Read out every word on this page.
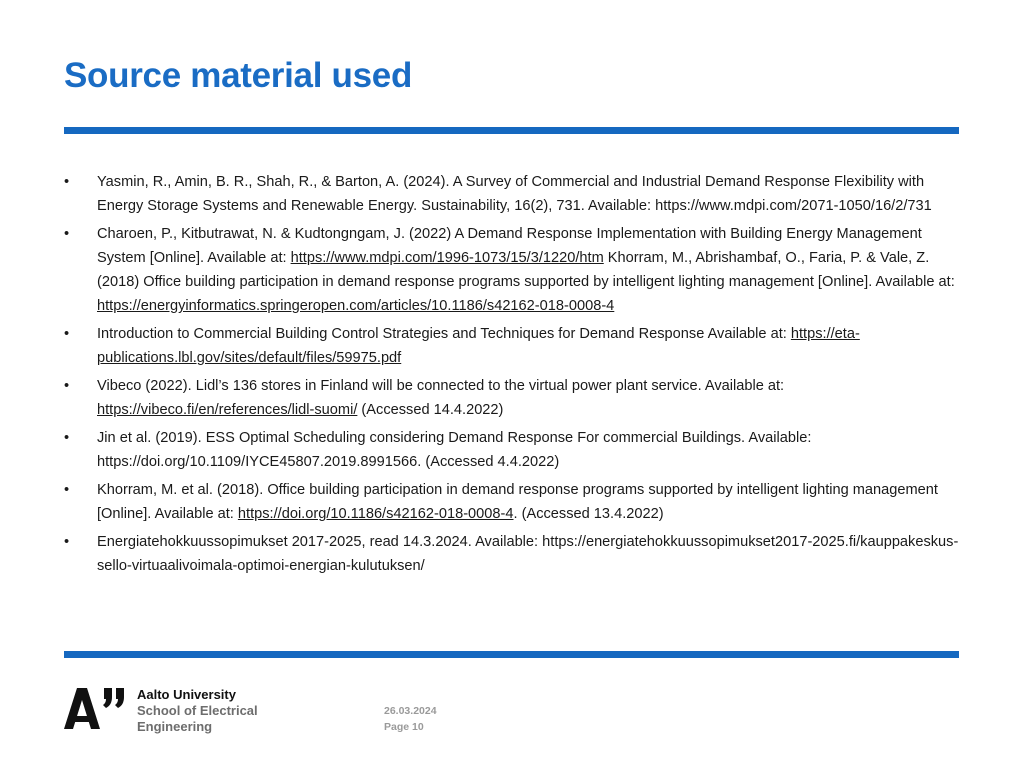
Source material used
• Yasmin, R., Amin, B. R., Shah, R., & Barton, A. (2024). A Survey of Commercial and Industrial Demand Response Flexibility with Energy Storage Systems and Renewable Energy. Sustainability, 16(2), 731. Available: https://www.mdpi.com/2071-1050/16/2/731
• Charoen, P., Kitbutrawat, N. & Kudtongngam, J. (2022) A Demand Response Implementation with Building Energy Management System [Online]. Available at: https://www.mdpi.com/1996-1073/15/3/1220/htm Khorram, M., Abrishambaf, O., Faria, P. & Vale, Z. (2018) Office building participation in demand response programs supported by intelligent lighting management [Online]. Available at: https://energyinformatics.springeropen.com/articles/10.1186/s42162-018-0008-4
• Introduction to Commercial Building Control Strategies and Techniques for Demand Response Available at: https://eta-publications.lbl.gov/sites/default/files/59975.pdf
• Vibeco (2022). Lidl’s 136 stores in Finland will be connected to the virtual power plant service. Available at: https://vibeco.fi/en/references/lidl-suomi/ (Accessed 14.4.2022)
• Jin et al. (2019). ESS Optimal Scheduling considering Demand Response For commercial Buildings. Available: https://doi.org/10.1109/IYCE45807.2019.8991566. (Accessed 4.4.2022)
• Khorram, M. et al. (2018). Office building participation in demand response programs supported by intelligent lighting management [Online]. Available at: https://doi.org/10.1186/s42162-018-0008-4. (Accessed 13.4.2022)
• Energiatehokkuussopimukset 2017-2025, read 14.3.2024. Available: https://energiatehokkuussopimukset2017-2025.fi/kauppakeskus-sello-virtuaalivoimala-optimoi-energian-kulutuksen/
Aalto University
School of Electrical
Engineering
26.03.2024
Page 10
